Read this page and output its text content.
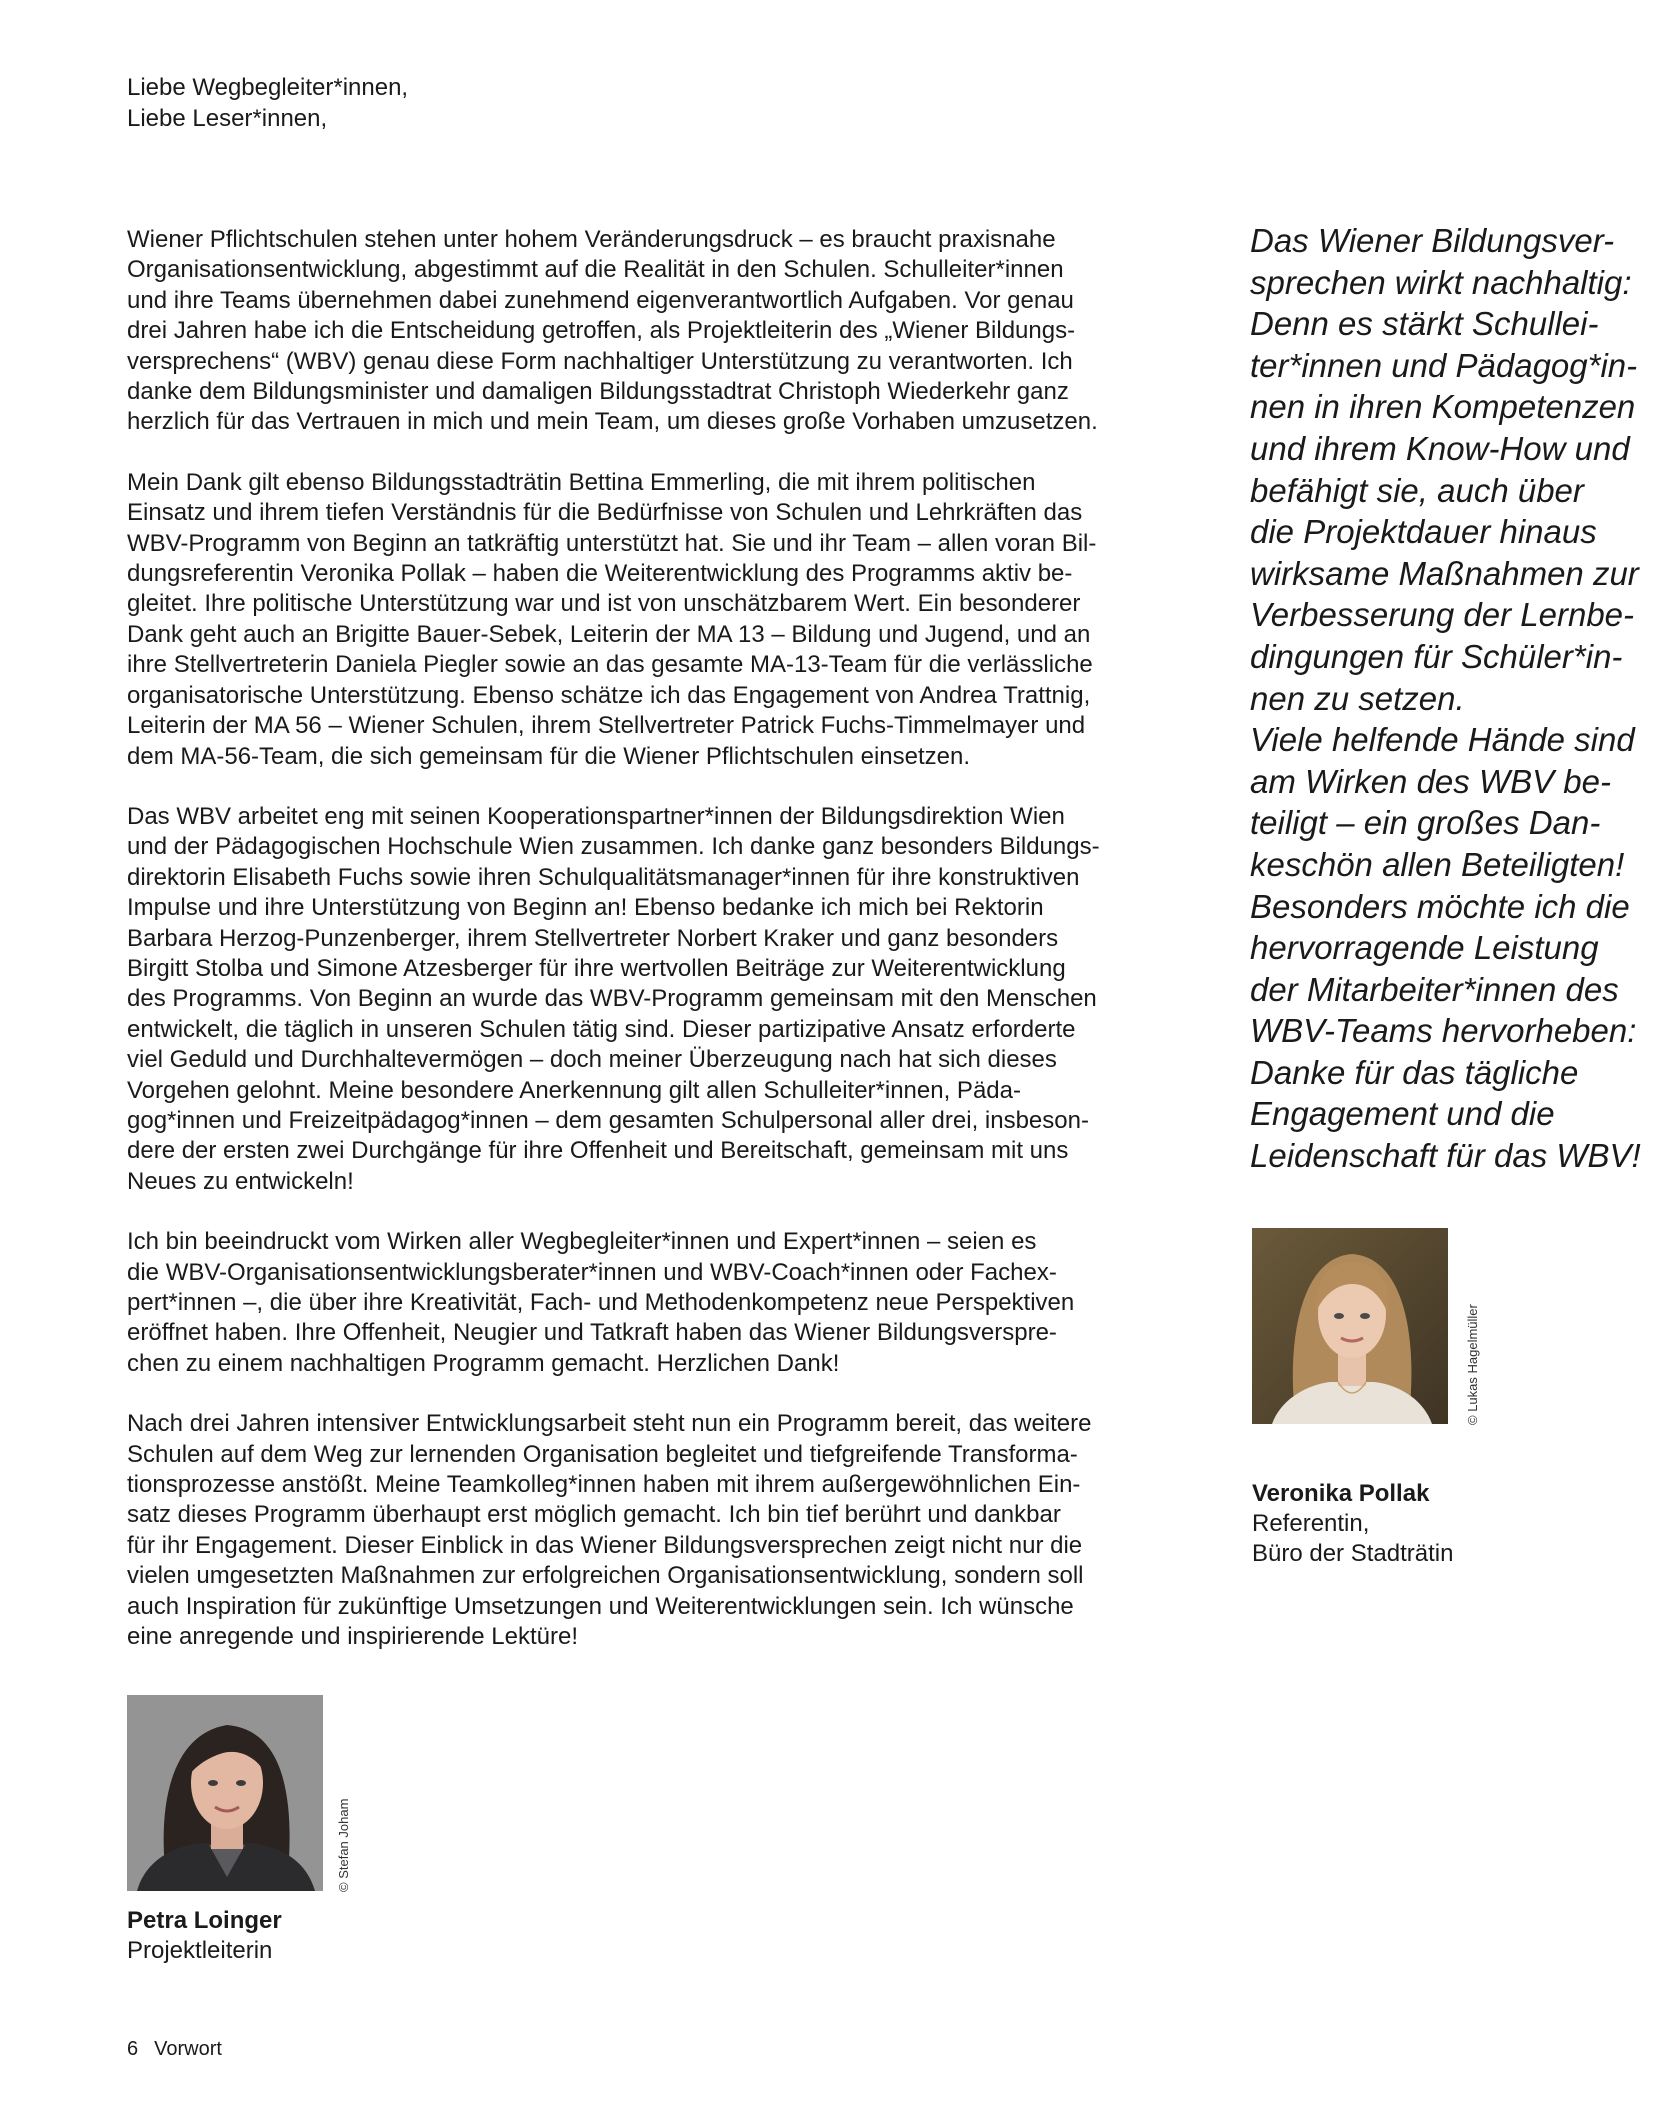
Liebe Wegbegleiter*innen,
Liebe Leser*innen,

Wiener Pflichtschulen stehen unter hohem Veränderungsdruck – es braucht praxisnahe
Organisationsentwicklung, abgestimmt auf die Realität in den Schulen. Schulleiter*innen
und ihre Teams übernehmen dabei zunehmend eigenverantwortlich Aufgaben. Vor genau
drei Jahren habe ich die Entscheidung getroffen, als Projektleiterin des „Wiener Bildungs-
versprechens“ (WBV) genau diese Form nachhaltiger Unterstützung zu verantworten. Ich
danke dem Bildungsminister und damaligen Bildungsstadtrat Christoph Wiederkehr ganz
herzlich für das Vertrauen in mich und mein Team, um dieses große Vorhaben umzusetzen.

Mein Dank gilt ebenso Bildungsstadträtin Bettina Emmerling, die mit ihrem politischen
Einsatz und ihrem tiefen Verständnis für die Bedürfnisse von Schulen und Lehrkräften das
WBV-Programm von Beginn an tatkräftig unterstützt hat. Sie und ihr Team – allen voran Bil-
dungsreferentin Veronika Pollak – haben die Weiterentwicklung des Programms aktiv be-
gleitet. Ihre politische Unterstützung war und ist von unschätzbarem Wert. Ein besonderer
Dank geht auch an Brigitte Bauer-Sebek, Leiterin der MA 13 – Bildung und Jugend, und an
ihre Stellvertreterin Daniela Piegler sowie an das gesamte MA-13-Team für die verlässliche
organisatorische Unterstützung. Ebenso schätze ich das Engagement von Andrea Trattnig,
Leiterin der MA 56 – Wiener Schulen, ihrem Stellvertreter Patrick Fuchs-Timmelmayer und
dem MA-56-Team, die sich gemeinsam für die Wiener Pflichtschulen einsetzen.

Das WBV arbeitet eng mit seinen Kooperationspartner*innen der Bildungsdirektion Wien
und der Pädagogischen Hochschule Wien zusammen. Ich danke ganz besonders Bildungs-
direktorin Elisabeth Fuchs sowie ihren Schulqualitätsmanager*innen für ihre konstruktiven
Impulse und ihre Unterstützung von Beginn an! Ebenso bedanke ich mich bei Rektorin
Barbara Herzog-Punzenberger, ihrem Stellvertreter Norbert Kraker und ganz besonders
Birgitt Stolba und Simone Atzesberger für ihre wertvollen Beiträge zur Weiterentwicklung
des Programms. Von Beginn an wurde das WBV-Programm gemeinsam mit den Menschen
entwickelt, die täglich in unseren Schulen tätig sind. Dieser partizipative Ansatz erforderte
viel Geduld und Durchhaltevermögen – doch meiner Überzeugung nach hat sich dieses
Vorgehen gelohnt. Meine besondere Anerkennung gilt allen Schulleiter*innen, Päda-
gog*innen und Freizeitpädagog*innen – dem gesamten Schulpersonal aller drei, insbeson-
dere der ersten zwei Durchgänge für ihre Offenheit und Bereitschaft, gemeinsam mit uns
Neues zu entwickeln!

Ich bin beeindruckt vom Wirken aller Wegbegleiter*innen und Expert*innen – seien es
die WBV-Organisationsentwicklungsberater*innen und WBV-Coach*innen oder Fachex-
pert*innen –, die über ihre Kreativität, Fach- und Methodenkompetenz neue Perspektiven
eröffnet haben. Ihre Offenheit, Neugier und Tatkraft haben das Wiener Bildungsverspre-
chen zu einem nachhaltigen Programm gemacht. Herzlichen Dank!

Nach drei Jahren intensiver Entwicklungsarbeit steht nun ein Programm bereit, das weitere
Schulen auf dem Weg zur lernenden Organisation begleitet und tiefgreifende Transforma-
tionsprozesse anstößt. Meine Teamkolleg*innen haben mit ihrem außergewöhnlichen Ein-
satz dieses Programm überhaupt erst möglich gemacht. Ich bin tief berührt und dankbar
für ihr Engagement. Dieser Einblick in das Wiener Bildungsversprechen zeigt nicht nur die
vielen umgesetzten Maßnahmen zur erfolgreichen Organisationsentwicklung, sondern soll
auch Inspiration für zukünftige Umsetzungen und Weiterentwicklungen sein. Ich wünsche
eine anregende und inspirierende Lektüre!

Das Wiener Bildungsver-
sprechen wirkt nachhaltig:
Denn es stärkt Schullei-
ter*innen und Pädagog*in-
nen in ihren Kompetenzen
und ihrem Know-How und
befähigt sie, auch über
die Projektdauer hinaus
wirksame Maßnahmen zur
Verbesserung der Lernbe-
dingungen für Schüler*in-
nen zu setzen.
Viele helfende Hände sind
am Wirken des WBV be-
teiligt – ein großes Dan-
keschön allen Beteiligten!
Besonders möchte ich die
hervorragende Leistung
der Mitarbeiter*innen des
WBV-Teams hervorheben:
Danke für das tägliche
Engagement und die
Leidenschaft für das WBV!
© Stefan Joham
Petra Loinger
Projektleiterin
© Lukas Hagelmüller
Veronika Pollak
Referentin,
Büro der Stadträtin
6 Vorwort
